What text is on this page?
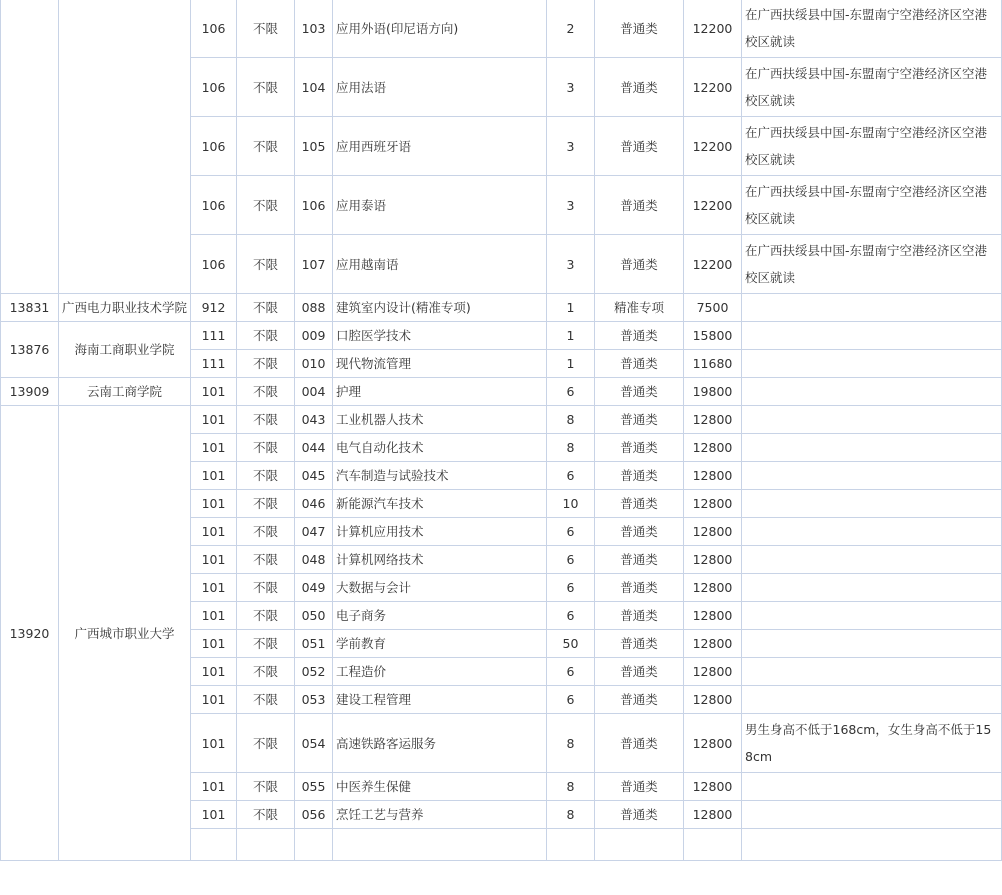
		106	不限	103	应用外语(印尼语方向)	2	普通类	12200	在广西扶绥县中国-东盟南宁空港经济区空港校区就读
		106	不限	104	应用法语	3	普通类	12200	在广西扶绥县中国-东盟南宁空港经济区空港校区就读
		106	不限	105	应用西班牙语	3	普通类	12200	在广西扶绥县中国-东盟南宁空港经济区空港校区就读
		106	不限	106	应用泰语	3	普通类	12200	在广西扶绥县中国-东盟南宁空港经济区空港校区就读
		106	不限	107	应用越南语	3	普通类	12200	在广西扶绥县中国-东盟南宁空港经济区空港校区就读
13831	广西电力职业技术学院	912	不限	088	建筑室内设计(精准专项)	1	精准专项	7500	
13876	海南工商职业学院	111	不限	009	口腔医学技术	1	普通类	15800	
		111	不限	010	现代物流管理	1	普通类	11680	
13909	云南工商学院	101	不限	004	护理	6	普通类	19800	
13920	广西城市职业大学	101	不限	043	工业机器人技术	8	普通类	12800	
		101	不限	044	电气自动化技术	8	普通类	12800	
		101	不限	045	汽车制造与试验技术	6	普通类	12800	
		101	不限	046	新能源汽车技术	10	普通类	12800	
		101	不限	047	计算机应用技术	6	普通类	12800	
		101	不限	048	计算机网络技术	6	普通类	12800	
		101	不限	049	大数据与会计	6	普通类	12800	
		101	不限	050	电子商务	6	普通类	12800	
		101	不限	051	学前教育	50	普通类	12800	
		101	不限	052	工程造价	6	普通类	12800	
		101	不限	053	建设工程管理	6	普通类	12800	
		101	不限	054	高速铁路客运服务	8	普通类	12800	男生身高不低于168cm，女生身高不低于158cm
		101	不限	055	中医养生保健	8	普通类	12800	
		101	不限	056	烹饪工艺与营养	8	普通类	12800	
